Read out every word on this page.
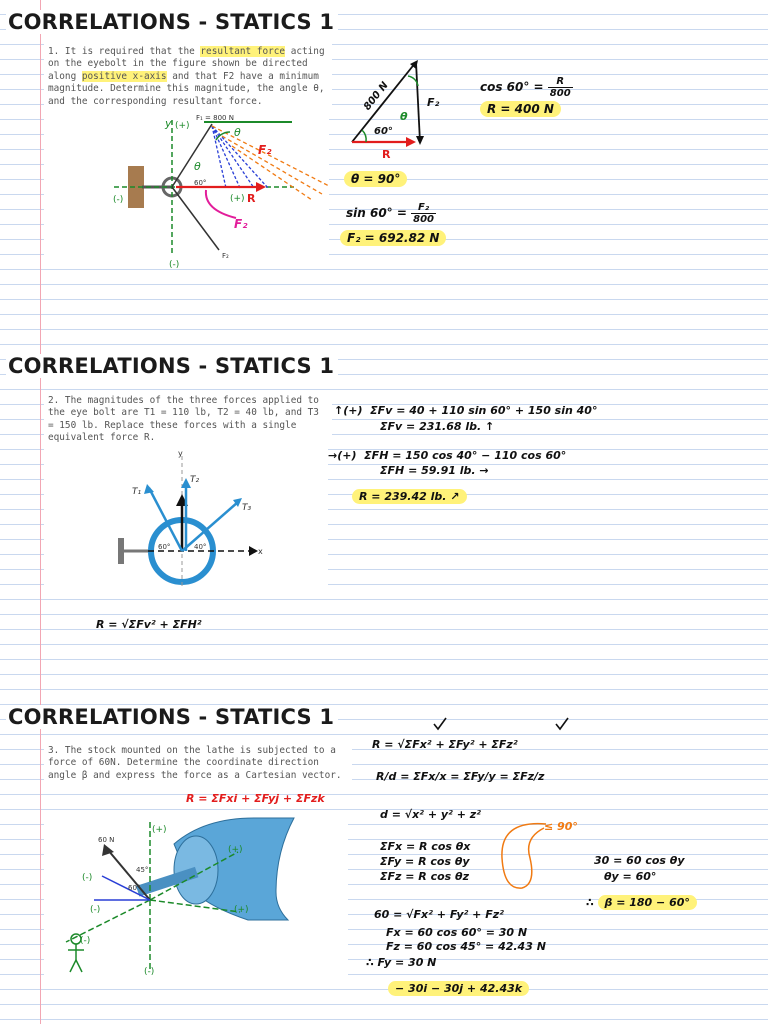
CORRELATIONS - STATICS 1
1. It is required that the resultant force acting on the eyebolt in the figure shown be directed along positive x-axis and that F2 have a minimum magnitude. Determine this magnitude, the angle θ, and the corresponding resultant force.
(-)
(+)
y	F₁ = 800 N
(+)
(-)
θ
θ
60°
R
F₂
F₂
F₂
800 N
60°
θ
F₂
R
$\cos 60^\circ = \frac{R}{800}$
R = 400 N
θ = 90°
$\sin 60^\circ = \frac{\text{F₂}}{800}$
F₂ = 692.82 N
CORRELATIONS - STATICS 1
2. The magnitudes of the three forces applied to the eye bolt are T1 = 110 lb, T2 = 40 lb, and T3 = 150 lb. Replace these forces with a single equivalent force R.
y
x
T₁
T₂
T₃
60°	40°
↑(+) ΣFv = 40 + 110 sin 60° + 150 sin 40°
ΣFv = 231.68 lb. ↑
→(+) ΣFH = 150 cos 40° − 110 cos 60°
ΣFH = 59.91 lb. →
R = 239.42 lb. ↗
R = √ΣFv² + ΣFH²
CORRELATIONS - STATICS 1
3. The stock mounted on the lathe is subjected to a force of 60N. Determine the coordinate direction angle β and express the force as a Cartesian vector.
R = ΣFxi + ΣFyj + ΣFzk
60 N
60°
45°
(+)
(+)
(+)
(-)
(-)
(-)
(-)
R = √ΣFx² + ΣFy² + ΣFz²
R/d = ΣFx/x = ΣFy/y = ΣFz/z
d = √x² + y² + z²
≤ 90°
ΣFx = R cos θx
ΣFy = R cos θy
ΣFz = R cos θz
30 = 60 cos θy
θy = 60°
∴ β = 180 − 60°
60 = √Fx² + Fy² + Fz²
Fx = 60 cos 60° = 30 N
Fz = 60 cos 45° = 42.43 N
∴ Fy = 30 N
− 30i − 30j + 42.43k
